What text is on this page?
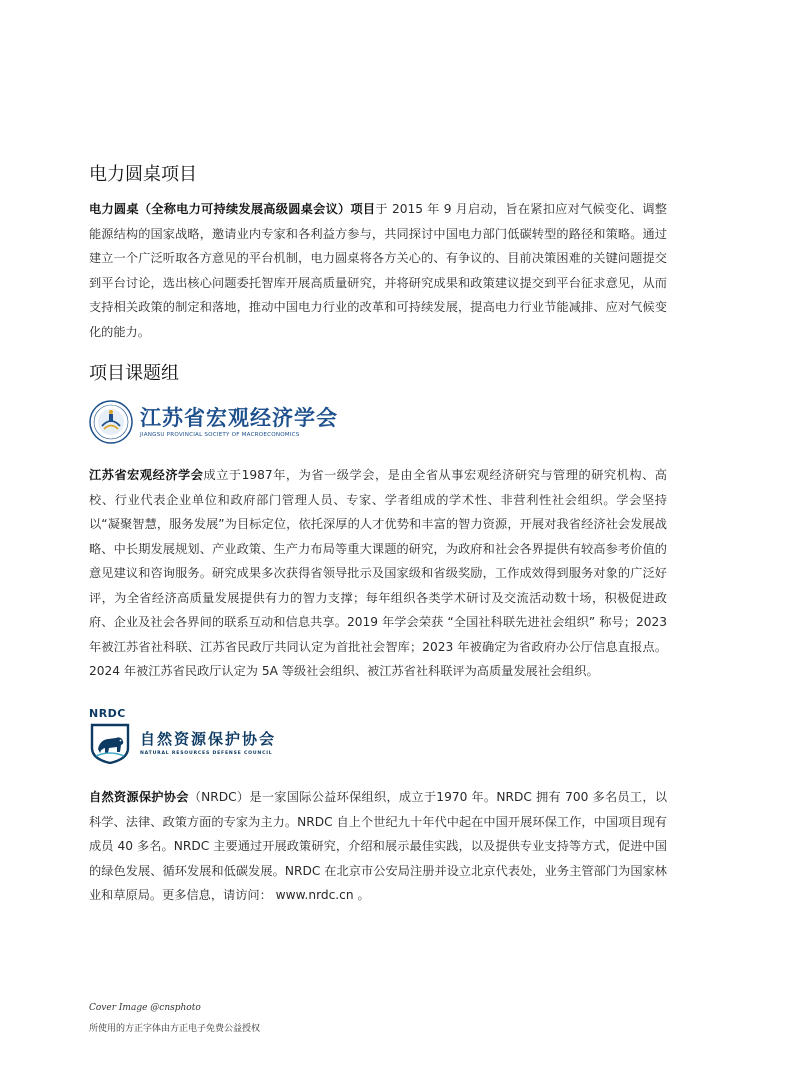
电力圆桌项目

电力圆桌（全称电力可持续发展高级圆桌会议）项目于 2015 年 9 月启动，旨在紧扣应对气候变化、调整能源结构的国家战略，邀请业内专家和各利益方参与，共同探讨中国电力部门低碳转型的路径和策略。通过建立一个广泛听取各方意见的平台机制，电力圆桌将各方关心的、有争议的、目前决策困难的关键问题提交到平台讨论，选出核心问题委托智库开展高质量研究，并将研究成果和政策建议提交到平台征求意见，从而支持相关政策的制定和落地，推动中国电力行业的改革和可持续发展，提高电力行业节能减排、应对气候变化的能力。

项目课题组
江苏省宏观经济学会
JIANGSU PROVINCIAL SOCIETY OF MACROECONOMICS

江苏省宏观经济学会成立于1987年，为省一级学会，是由全省从事宏观经济研究与管理的研究机构、高校、行业代表企业单位和政府部门管理人员、专家、学者组成的学术性、非营利性社会组织。学会坚持以“凝聚智慧，服务发展”为目标定位，依托深厚的人才优势和丰富的智力资源，开展对我省经济社会发展战略、中长期发展规划、产业政策、生产力布局等重大课题的研究，为政府和社会各界提供有较高参考价值的意见建议和咨询服务。研究成果多次获得省领导批示及国家级和省级奖励，工作成效得到服务对象的广泛好评，为全省经济高质量发展提供有力的智力支撑；每年组织各类学术研讨及交流活动数十场，积极促进政府、企业及社会各界间的联系互动和信息共享。2019 年学会荣获 “全国社科联先进社会组织” 称号；2023 年被江苏省社科联、江苏省民政厅共同认定为首批社会智库；2023 年被确定为省政府办公厅信息直报点。2024 年被江苏省民政厅认定为 5A 等级社会组织、被江苏省社科联评为高质量发展社会组织。

NRDC
自然资源保护协会
NATURAL RESOURCES DEFENSE COUNCIL

自然资源保护协会（NRDC）是一家国际公益环保组织，成立于1970 年。NRDC 拥有 700 多名员工，以科学、法律、政策方面的专家为主力。NRDC 自上个世纪九十年代中起在中国开展环保工作，中国项目现有成员 40 多名。NRDC 主要通过开展政策研究，介绍和展示最佳实践，以及提供专业支持等方式，促进中国的绿色发展、循环发展和低碳发展。NRDC 在北京市公安局注册并设立北京代表处，业务主管部门为国家林业和草原局。更多信息，请访问： www.nrdc.cn 。

Cover Image @cnsphoto
所使用的方正字体由方正电子免费公益授权
